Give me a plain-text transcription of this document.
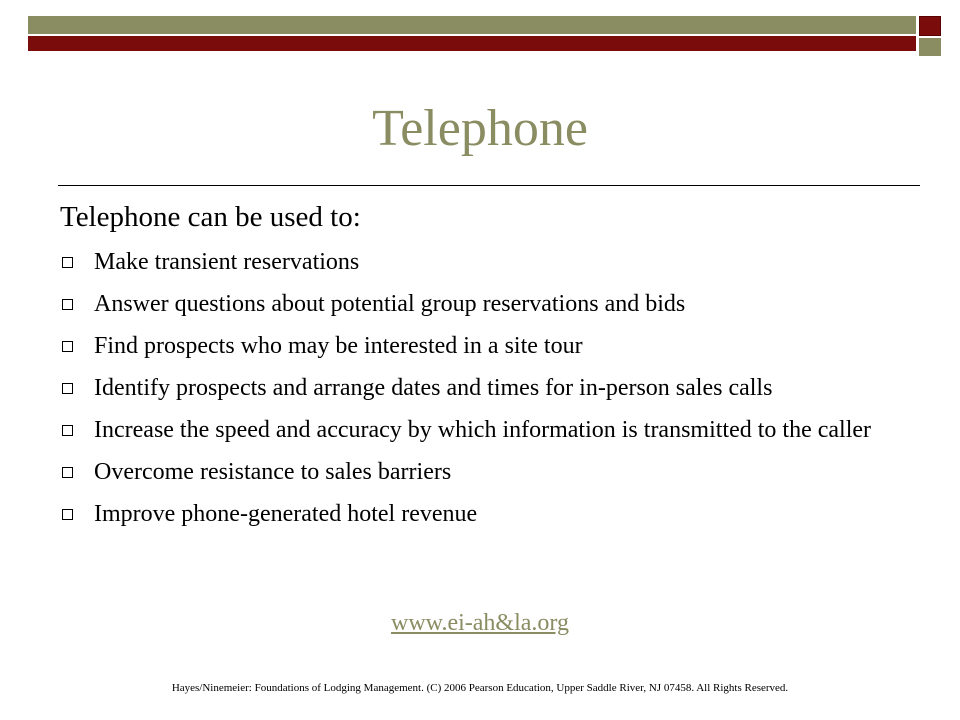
Telephone
Telephone can be used to:
Make transient reservations
Answer questions about potential group reservations and bids
Find prospects who may be interested in a site tour
Identify prospects and arrange dates and times for in-person sales calls
Increase the speed and accuracy by which information is transmitted to the caller
Overcome resistance to sales barriers
Improve phone-generated hotel revenue
www.ei-ah&la.org
Hayes/Ninemeier: Foundations of Lodging Management. (C) 2006 Pearson Education, Upper Saddle River, NJ 07458. All Rights Reserved.
